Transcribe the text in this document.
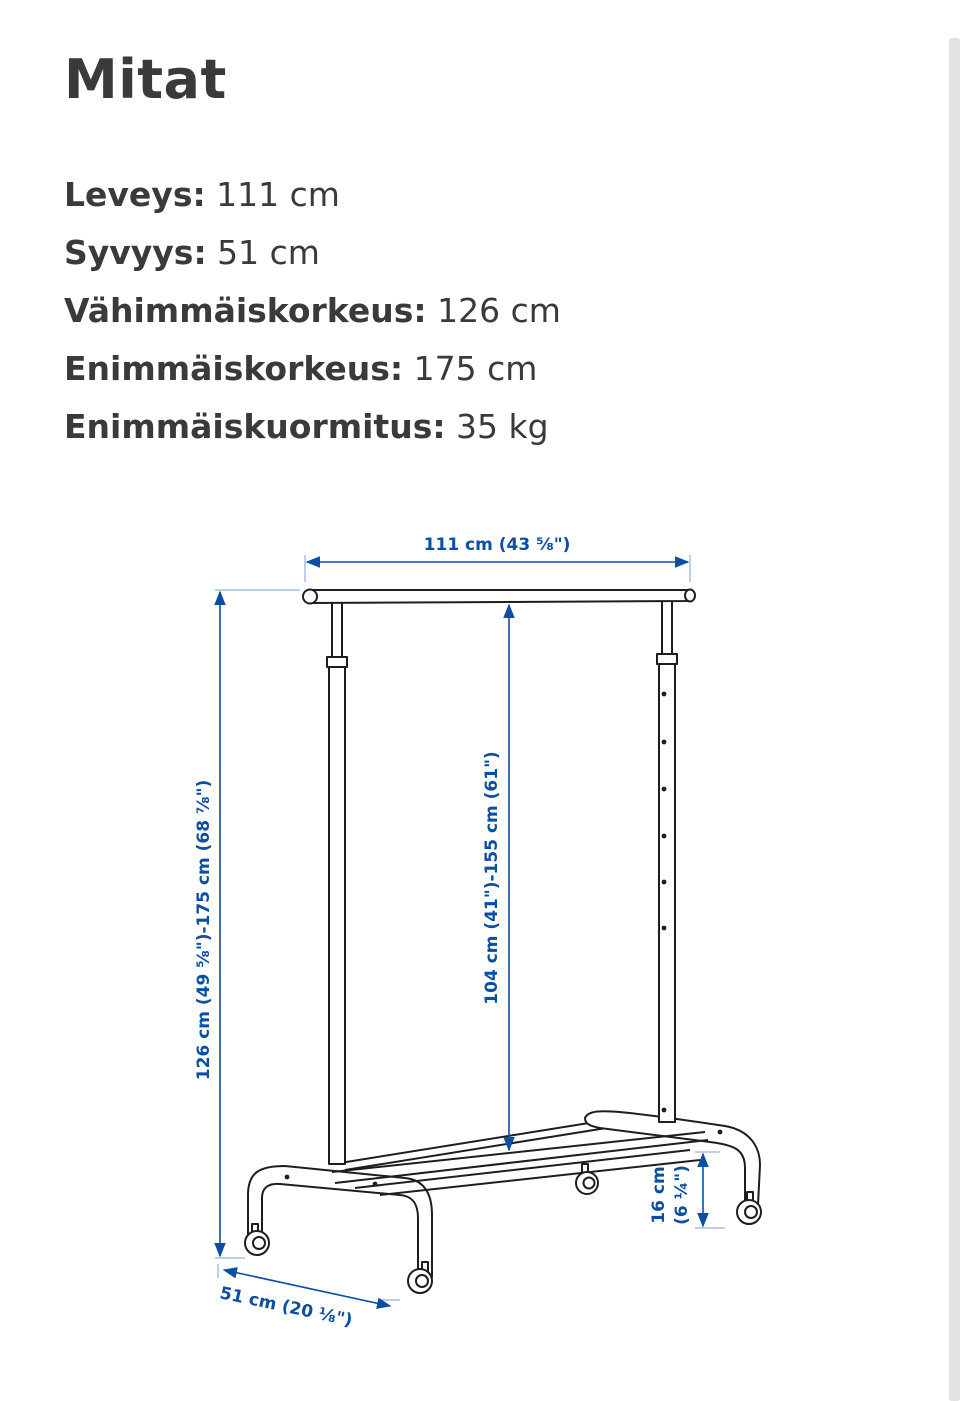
Mitat
Leveys: 111 cm
Syvyys: 51 cm
Vähimmäiskorkeus: 126 cm
Enimmäiskorkeus: 175 cm
Enimmäiskuormitus: 35 kg
111 cm (43 ⅝")
126 cm (49 ⅝")-175 cm (68 ⅞")	104 cm (41")-155 cm (61")
16 cm (6 ¼")
51 cm (20 ⅛")
